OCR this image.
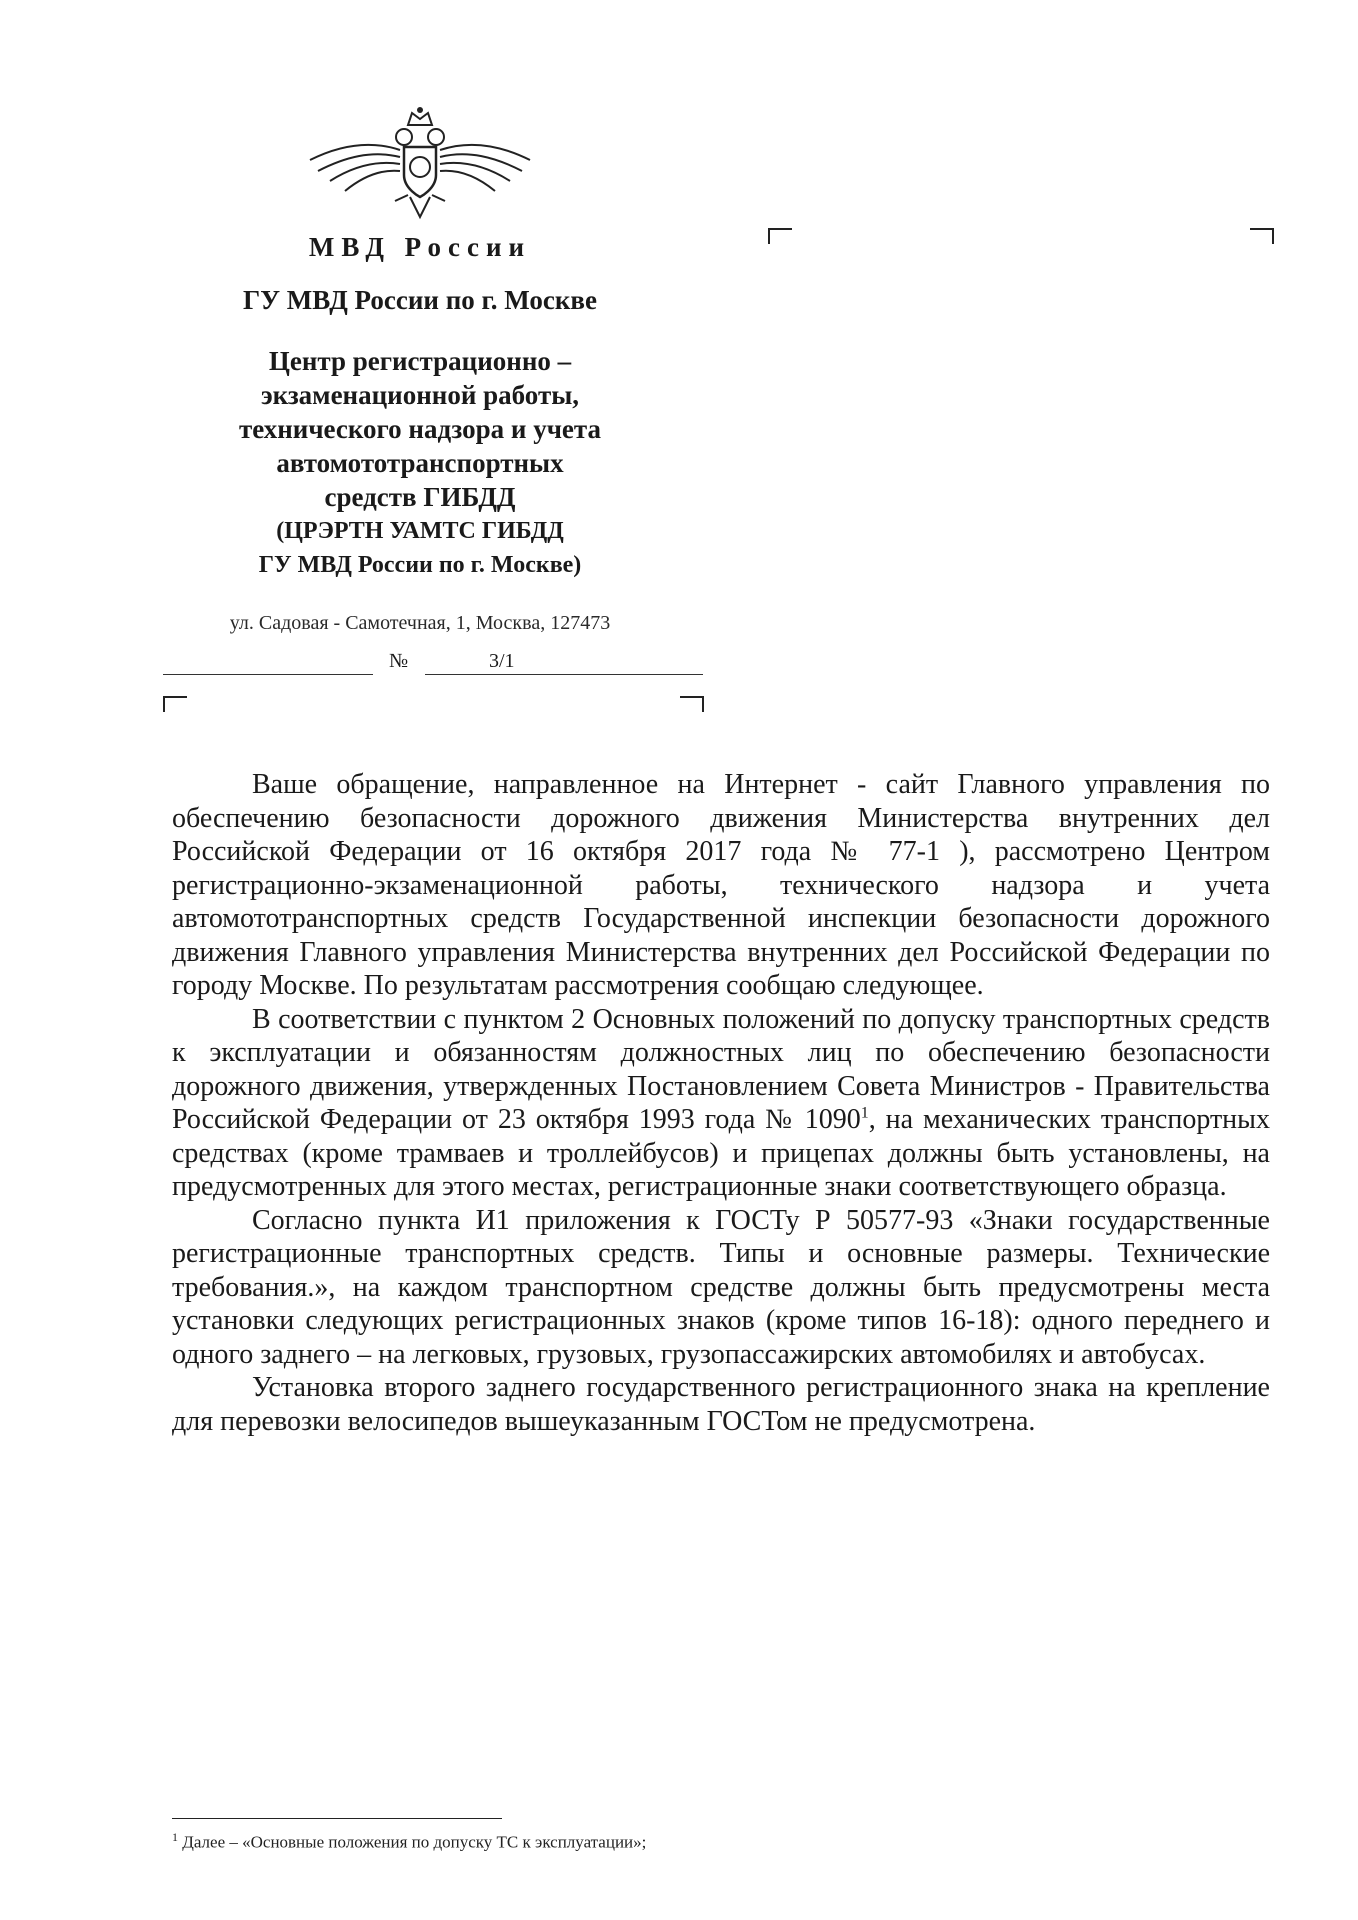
МВД России
ГУ МВД России по г. Москве
Центр регистрационно –
экзаменационной работы,
технического надзора и учета
автомототранспортных
средств ГИБДД
(ЦРЭРТН УАМТС ГИБДД
ГУ МВД России по г. Москве)
ул. Садовая - Самотечная, 1, Москва, 127473
№	3/1

Ваше обращение, направленное на Интернет - сайт Главного управления по обеспечению безопасности дорожного движения Министерства внутренних дел Российской Федерации от 16 октября 2017 года № 77-1 ), рассмотрено Центром регистрационно-экзаменационной работы, технического надзора и учета автомототранспортных средств Государственной инспекции безопасности дорожного движения Главного управления Министерства внутренних дел Российской Федерации по городу Москве. По результатам рассмотрения сообщаю следующее.

В соответствии с пунктом 2 Основных положений по допуску транспортных средств к эксплуатации и обязанностям должностных лиц по обеспечению безопасности дорожного движения, утвержденных Постановлением Совета Министров - Правительства Российской Федерации от 23 октября 1993 года № 1090$^1$, на механических транспортных средствах (кроме трамваев и троллейбусов) и прицепах должны быть установлены, на предусмотренных для этого местах, регистрационные знаки соответствующего образца.

Согласно пункта И1 приложения к ГОСТу Р 50577-93 «Знаки государственные регистрационные транспортных средств. Типы и основные размеры. Технические требования.», на каждом транспортном средстве должны быть предусмотрены места установки следующих регистрационных знаков (кроме типов 16-18): одного переднего и одного заднего – на легковых, грузовых, грузопассажирских автомобилях и автобусах.

Установка второго заднего государственного регистрационного знака на крепление для перевозки велосипедов вышеуказанным ГОСТом не предусмотрена.

$^1$ Далее – «Основные положения по допуску ТС к эксплуатации»;
